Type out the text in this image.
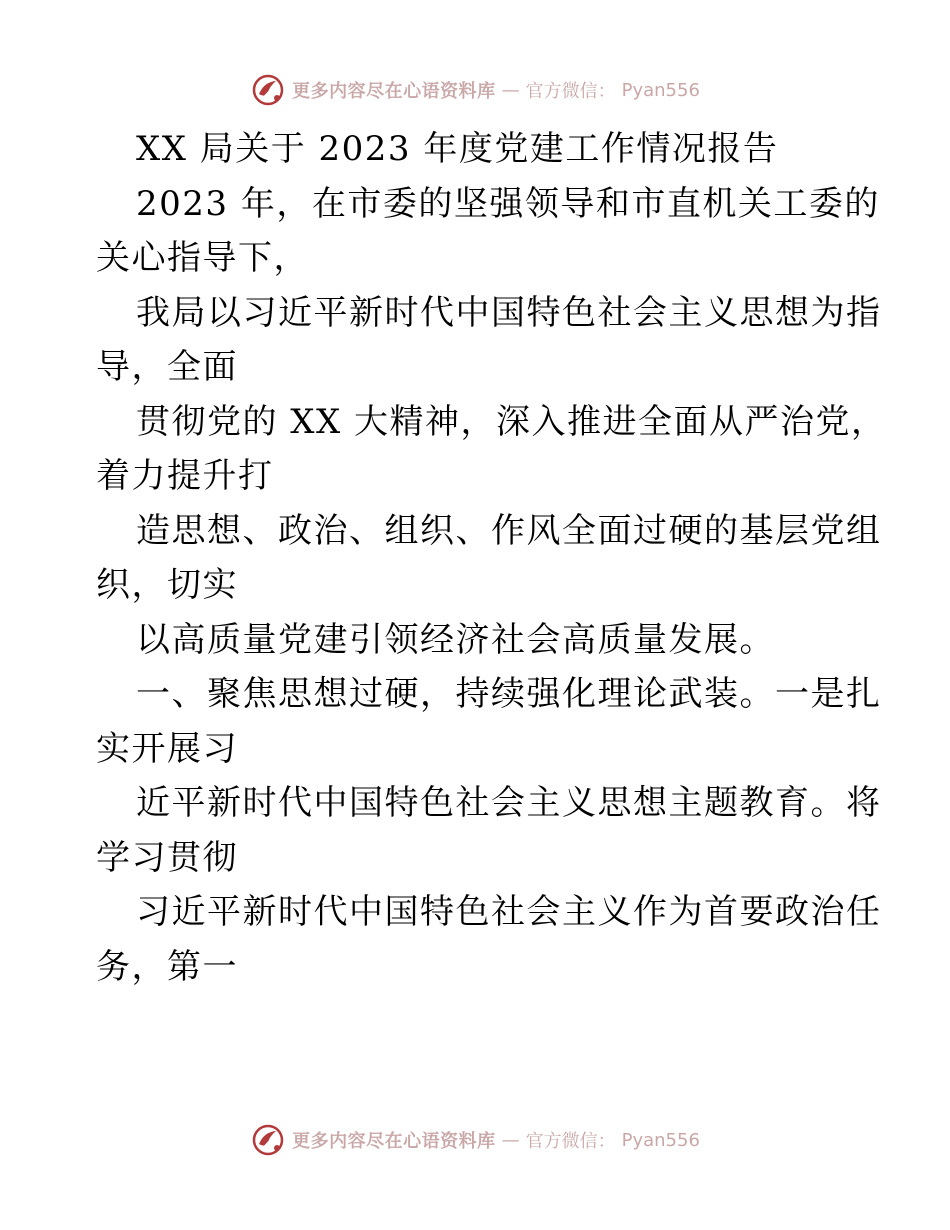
更多内容尽在心语资料库 — 官方微信： Pyan556
XX 局关于 2023 年度党建工作情况报告
2023 年，在市委的坚强领导和市直机关工委的
关心指导下，
我局以习近平新时代中国特色社会主义思想为指
导，全面
贯彻党的 XX 大精神，深入推进全面从严治党，
着力提升打
造思想、政治、组织、作风全面过硬的基层党组
织，切实
以高质量党建引领经济社会高质量发展。
一、聚焦思想过硬，持续强化理论武装。一是扎
实开展习
近平新时代中国特色社会主义思想主题教育。将
学习贯彻
习近平新时代中国特色社会主义作为首要政治任
务，第一
更多内容尽在心语资料库 — 官方微信： Pyan556
